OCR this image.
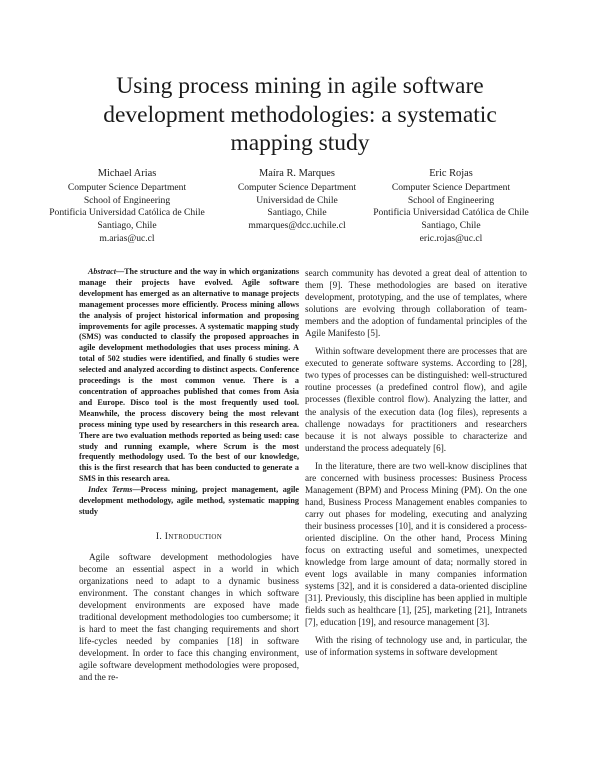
Using process mining in agile software development methodologies: a systematic mapping study
Michael Arias
Computer Science Department
School of Engineering
Pontificia Universidad Católica de Chile
Santiago, Chile
m.arias@uc.cl
Maíra R. Marques
Computer Science Department
Universidad de Chile
Santiago, Chile
mmarques@dcc.uchile.cl
Eric Rojas
Computer Science Department
School of Engineering
Pontificia Universidad Católica de Chile
Santiago, Chile
eric.rojas@uc.cl
Abstract—The structure and the way in which organizations manage their projects have evolved. Agile software development has emerged as an alternative to manage projects management processes more efficiently. Process mining allows the analysis of project historical information and proposing improvements for agile processes. A systematic mapping study (SMS) was conducted to classify the proposed approaches in agile development methodologies that uses process mining. A total of 502 studies were identified, and finally 6 studies were selected and analyzed according to distinct aspects. Conference proceedings is the most common venue. There is a concentration of approaches published that comes from Asia and Europe. Disco tool is the most frequently used tool. Meanwhile, the process discovery being the most relevant process mining type used by researchers in this research area. There are two evaluation methods reported as being used: case study and running example, where Scrum is the most frequently methodology used. To the best of our knowledge, this is the first research that has been conducted to generate a SMS in this research area.
Index Terms—Process mining, project management, agile development methodology, agile method, systematic mapping study
I. Introduction

Agile software development methodologies have become an essential aspect in a world in which organizations need to adapt to a dynamic business environment. The constant changes in which software development environments are exposed have made traditional development methodologies too cumbersome; it is hard to meet the fast changing requirements and short life-cycles needed by companies [18] in software development. In order to face this changing environment, agile software development methodologies were proposed, and the re-

search community has devoted a great deal of attention to them [9]. These methodologies are based on iterative development, prototyping, and the use of templates, where solutions are evolving through collaboration of team-members and the adoption of fundamental principles of the Agile Manifesto [5].

Within software development there are processes that are executed to generate software systems. According to [28], two types of processes can be distinguished: well-structured routine processes (a predefined control flow), and agile processes (flexible control flow). Analyzing the latter, and the analysis of the execution data (log files), represents a challenge nowadays for practitioners and researchers because it is not always possible to characterize and understand the process adequately [6].

In the literature, there are two well-know disciplines that are concerned with business processes: Business Process Management (BPM) and Process Mining (PM). On the one hand, Business Process Management enables companies to carry out phases for modeling, executing and analyzing their business processes [10], and it is considered a process-oriented discipline. On the other hand, Process Mining focus on extracting useful and sometimes, unexpected knowledge from large amount of data; normally stored in event logs available in many companies information systems [32], and it is considered a data-oriented discipline [31]. Previously, this discipline has been applied in multiple fields such as healthcare [1], [25], marketing [21], Intranets [7], education [19], and resource management [3].

With the rising of technology use and, in particular, the use of information systems in software development
